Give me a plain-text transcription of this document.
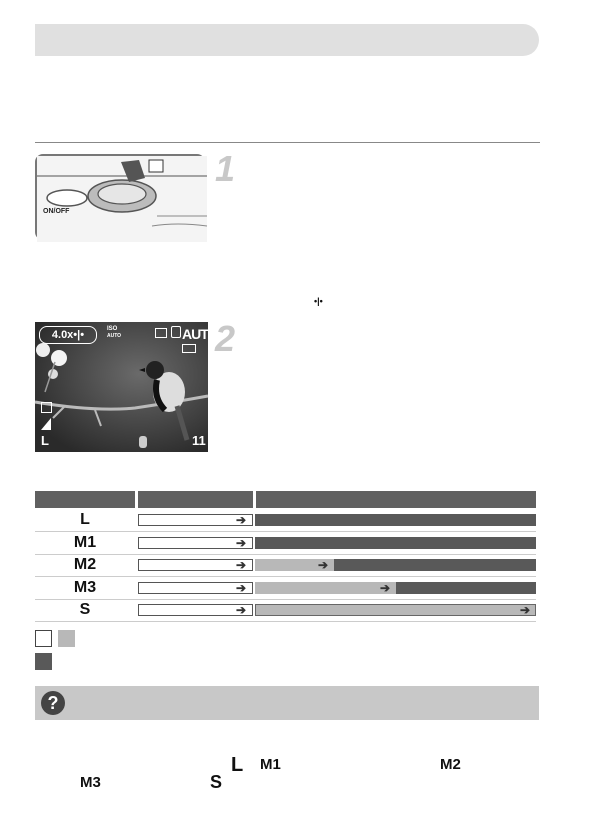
ON/OFF
1
•|•
4.0x•|•	ISO
AUTO	AUTO
L	11
2
L	➔
M1	➔
M2	➔	➔
M3	➔	➔
S	➔	➔
?
L M1	M2
M3	S
